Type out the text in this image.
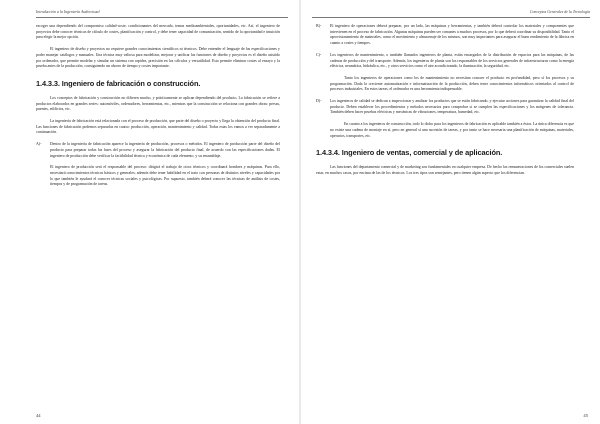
Introducción a la Ingeniería Audiovisual

escoger una dependiendo del compromiso calidad-coste, condicionantes del mercado, temas medioambientales, oportunidades, etc. Así, el ingeniero de proyectos debe conocer técnicas de cálculo de costes, planificación y control, y debe tener capacidad de comunicación, sentido de la oportunidad e intuición para elegir la mejor opción.

El ingeniero de diseño y proyectos no requiere grandes conocimientos científicos ni técnicos. Debe entender el lenguaje de las especificaciones y poder manejar catálogos y manuales. Una técnica muy valiosa para modelizar, mejorar y unificar las funciones de diseño y proyectos es el diseño asistido por ordenador, que permite modelar y simular un sistema con rapidez, precisión en los cálculos y versatilidad. Esto permite eliminar costes al ensayo y la prueba antes de la producción, consiguiendo un ahorro de tiempo y costes importante.

1.4.3.3. Ingeniero de fabricación o construcción.

Los conceptos de fabricación y construcción no difieren mucho, y prácticamente se aplican dependiendo del producto. La fabricación se refiere a productos elaborados en grandes series: automóviles, ordenadores, herramientas, etc., mientras que la construcción se relaciona con grandes obras: presas, puentes, edificios, etc.

La ingeniería de fabricación está relacionada con el proceso de producción, que parte del diseño o proyecto y llega la obtención del producto final. Las funciones de fabricación podemos separarlas en cuatro: producción, operación, mantenimiento y calidad. Todas estas los vamos a ver separadamente a continuación.

A)-	Dentro de la ingeniería de fabricación aparece la ingeniería de producción, procesos o métodos. El ingeniero de producción parte del diseño del producto para preparar todas las fases del proceso y asegurar la fabricación del producto final, de acuerdo con las especificaciones dadas. El ingeniero de producción debe verificar la factibilidad técnica y económica de cada elemento, y su ensamblaje.

El ingeniero de producción será el responsable del proceso: dirigirá el trabajo de otros técnicos y coordinará hombres y máquinas. Para ello, necesitará conocimientos técnicos básicos y generales; además debe tener habilidad en el trato con personas de distintos niveles y capacidades por lo que también le ayudará el conocer técnicas sociales y psicológicas. Por supuesto, también deberá conocer las técnicas de análisis de costes, tiempos y de programación de tareas.

44
Conceptos Generales de la Tecnología
B)-	El ingeniero de operaciones deberá preparar, por un lado, las máquinas y herramientas, y también deberá controlar los materiales y componentes que intervienen en el proceso de fabricación. Algunas máquinas pueden ser comunes a muchos procesos, por lo que deberá coordinar su disponibilidad. Tanto el aprovisionamiento de materiales, como el movimiento y almacenaje de los mismos, son muy importantes para asegurar el buen rendimiento de la fábrica en cuanto a costes y tiempos.

C)-	Los ingenieros de mantenimiento, o también llamados ingenieros de planta, están encargados de la distribución de espacios para las máquinas, de las cadenas de producción y del transporte. Además, los ingenieros de planta son los responsables de los servicios generales de infraestructuras como la energía eléctrica, neumática, hidráulica, etc., y otros servicios como el aire acondicionado, la iluminación, la seguridad, etc.

Tanto los ingenieros de operaciones como los de mantenimiento no necesitan conocer el producto en profundidad, pero sí los procesos y su programación. Dada la creciente automatización e informatización de la producción, deben tener conocimientos informáticos orientados al control de procesos industriales. En estos tareas, el ordenador es una herramienta indispensable.

D)-	Los ingenieros de calidad se dedican a inspeccionar y analizar los productos que se están fabricando, y ejecutar acciones para garantizar la calidad final del producto. Deben establecer los procedimientos y métodos necesarios para comprobar si se cumplen las especificaciones y los márgenes de tolerancia. También deben hacer pruebas eléctricas y mecánicas de vibraciones, temperatura, humedad, etc.

En cuanto a los ingenieros de construcción, todo lo dicho para los ingenieros de fabricación es aplicable también a éstos. La única diferencia es que no existe una cadena de montaje en sí, pero en general sí una sucesión de tareas, y por tanto se hace necesaria una planificación de máquinas, materiales, operarios, transportes, etc.

1.4.3.4. Ingeniero de ventas, comercial y de aplicación.

Las funciones del departamento comercial y de marketing son fundamentales en cualquier empresa. De hecho las remuneraciones de los comerciales suelen estar, en muchos casos, por encima de las de los técnicos. Los tres tipos son semejantes, pero tienen algún aspecto que los diferencian.

45
